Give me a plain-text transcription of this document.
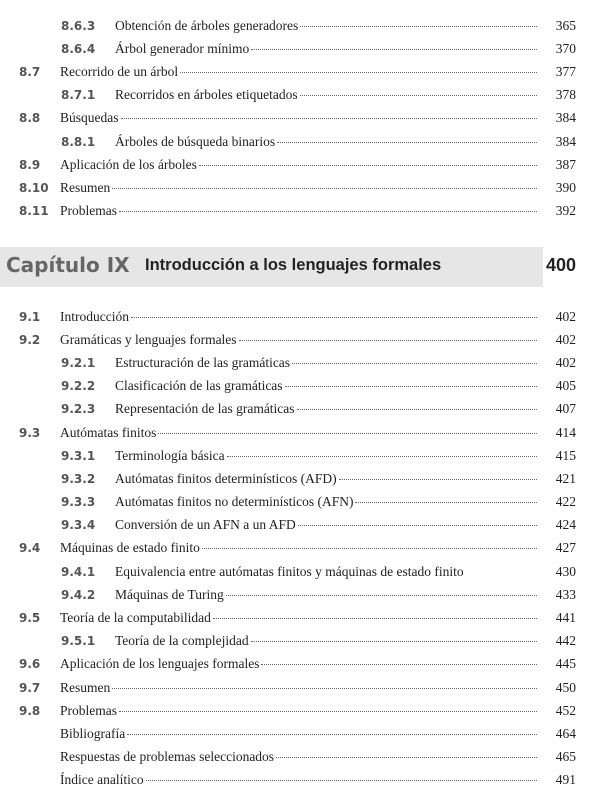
8.6.3 Obtención de árboles generadores	365
8.6.4 Árbol generador mínimo	370
8.7 Recorrido de un árbol	377
8.7.1 Recorridos en árboles etiquetados	378
8.8 Búsquedas	384
8.8.1 Árboles de búsqueda binarios	384
8.9 Aplicación de los árboles	387
8.10 Resumen	390
8.11 Problemas	392
Capítulo IX Introducción a los lenguajes formales	400
9.1 Introducción	402
9.2 Gramáticas y lenguajes formales	402
9.2.1 Estructuración de las gramáticas	402
9.2.2 Clasificación de las gramáticas	405
9.2.3 Representación de las gramáticas	407
9.3 Autómatas finitos	414
9.3.1 Terminología básica	415
9.3.2 Autómatas finitos determinísticos (AFD)	421
9.3.3 Autómatas finitos no determinísticos (AFN)	422
9.3.4 Conversión de un AFN a un AFD	424
9.4 Máquinas de estado finito	427
9.4.1 Equivalencia entre autómatas finitos y máquinas de estado finito	430
9.4.2 Máquinas de Turing	433
9.5 Teoría de la computabilidad	441
9.5.1 Teoría de la complejidad	442
9.6 Aplicación de los lenguajes formales	445
9.7 Resumen	450
9.8 Problemas	452
Bibliografía	464
Respuestas de problemas seleccionados	465
Índice analítico	491
